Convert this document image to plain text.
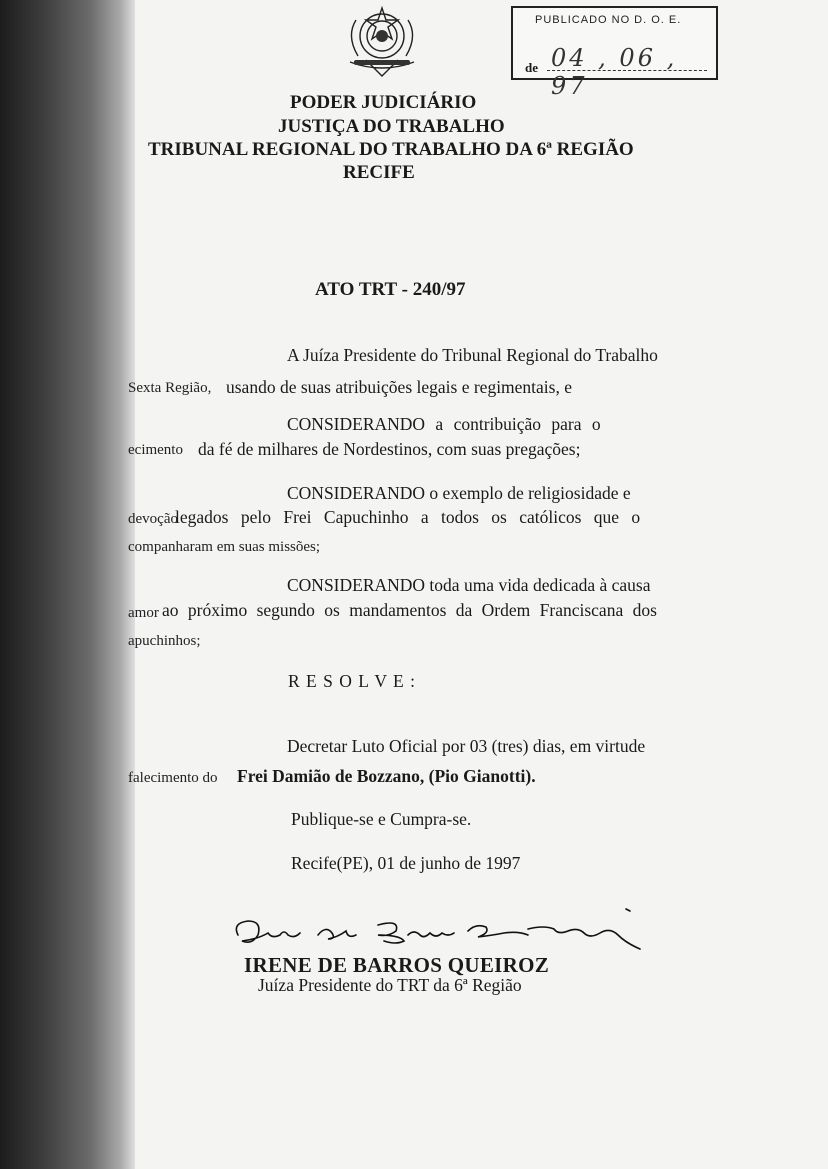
PUBLICADO NO D. O. E.
04 , 06 , 97
de
PODER JUDICIÁRIO
JUSTIÇA DO TRABALHO
TRIBUNAL REGIONAL DO TRABALHO DA 6ª REGIÃO
RECIFE
ATO TRT - 240/97
A Juíza Presidente do Tribunal Regional do Trabalho
Sexta Região, usando de suas atribuições legais e regimentais, e
CONSIDERANDO a contribuição para o
ecimento da fé de milhares de Nordestinos, com suas pregações;
CONSIDERANDO o exemplo de religiosidade e
devoção
legados pelo Frei Capuchinho a todos os católicos que o
companharam em suas missões;
CONSIDERANDO toda uma vida dedicada à causa
amor ao próximo segundo os mandamentos da Ordem Franciscana dos
apuchinhos;
R E S O L V E :
Decretar Luto Oficial por 03 (tres) dias, em virtude
falecimento do Frei Damião de Bozzano, (Pio Gianotti).
Publique-se e Cumpra-se.
Recife(PE), 01 de junho de 1997
IRENE DE BARROS QUEIROZ
Juíza Presidente do TRT da 6ª Região
